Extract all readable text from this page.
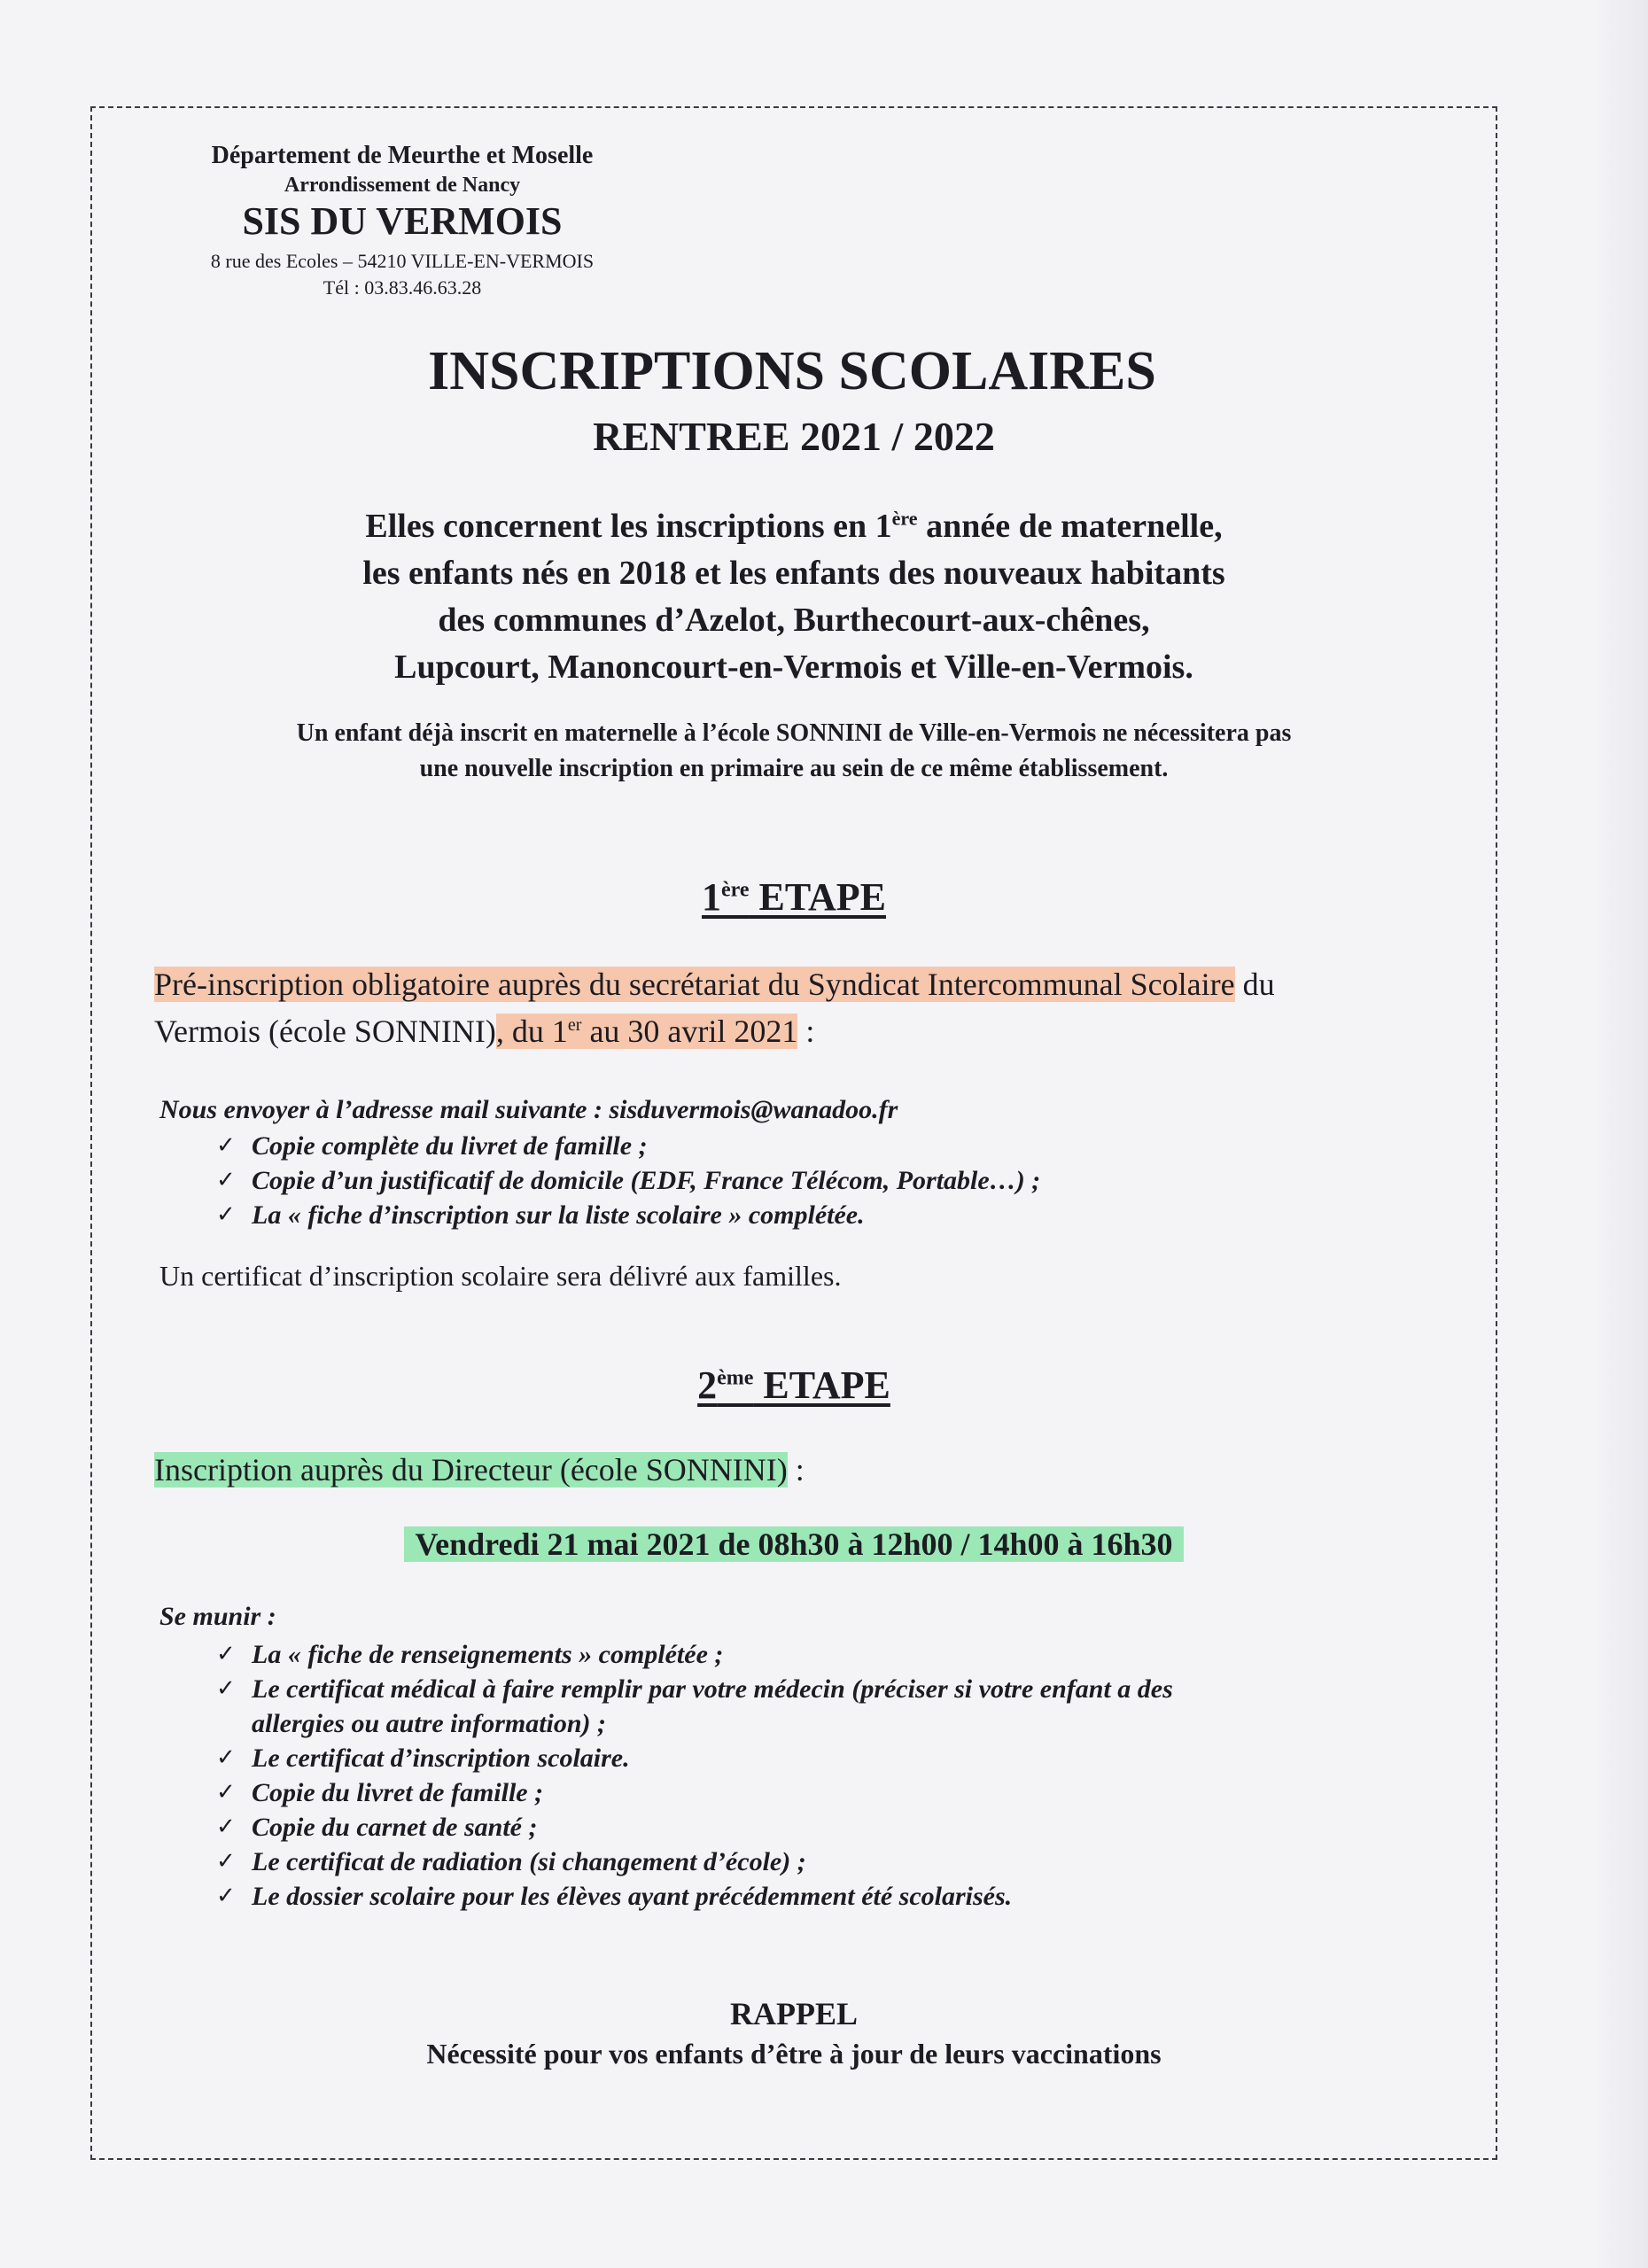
Département de Meurthe et Moselle
Arrondissement de Nancy
SIS DU VERMOIS
8 rue des Ecoles – 54210 VILLE-EN-VERMOIS
Tél : 03.83.46.63.28
INSCRIPTIONS SCOLAIRES
RENTREE 2021 / 2022
Elles concernent les inscriptions en 1ère année de maternelle,
les enfants nés en 2018 et les enfants des nouveaux habitants
des communes d’Azelot, Burthecourt-aux-chênes,
Lupcourt, Manoncourt-en-Vermois et Ville-en-Vermois.
Un enfant déjà inscrit en maternelle à l’école SONNINI de Ville-en-Vermois ne nécessitera pas
une nouvelle inscription en primaire au sein de ce même établissement.
1ère ETAPE
Pré-inscription obligatoire auprès du secrétariat du Syndicat Intercommunal Scolaire du
Vermois (école SONNINI), du 1er au 30 avril 2021 :
Nous envoyer à l’adresse mail suivante : sisduvermois@wanadoo.fr
✓ Copie complète du livret de famille ;
✓ Copie d’un justificatif de domicile (EDF, France Télécom, Portable…) ;
✓ La « fiche d’inscription sur la liste scolaire » complétée.
Un certificat d’inscription scolaire sera délivré aux familles.
2ème ETAPE
Inscription auprès du Directeur (école SONNINI) :
Vendredi 21 mai 2021 de 08h30 à 12h00 / 14h00 à 16h30
Se munir :
✓ La « fiche de renseignements » complétée ;
✓ Le certificat médical à faire remplir par votre médecin (préciser si votre enfant a des
allergies ou autre information) ;
✓ Le certificat d’inscription scolaire.
✓ Copie du livret de famille ;
✓ Copie du carnet de santé ;
✓ Le certificat de radiation (si changement d’école) ;
✓ Le dossier scolaire pour les élèves ayant précédemment été scolarisés.
RAPPEL
Nécessité pour vos enfants d’être à jour de leurs vaccinations
